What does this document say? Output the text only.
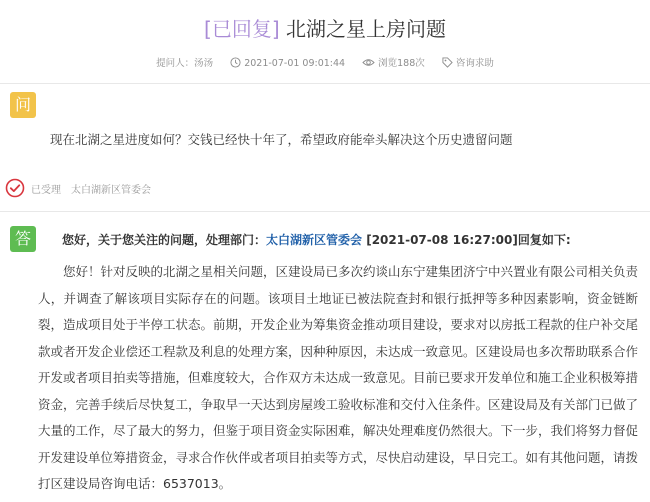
[已回复] 北湖之星上房问题
提问人：汤汤	2021-07-01 09:01:44	浏览188次	咨询求助
问
现在北湖之星进度如何？交钱已经快十年了，希望政府能牵头解决这个历史遗留问题
已受理 太白湖新区管委会
答	您好，关于您关注的问题，处理部门：太白湖新区管委会 [2021-07-08 16:27:00]回复如下:

您好！针对反映的北湖之星相关问题，区建设局已多次约谈山东宁建集团济宁中兴置业有限公司相关负责人，并调查了解该项目实际存在的问题。该项目土地证已被法院查封和银行抵押等多种因素影响，资金链断裂，造成项目处于半停工状态。前期，开发企业为筹集资金推动项目建设，要求对以房抵工程款的住户补交尾款或者开发企业偿还工程款及利息的处理方案，因种种原因，未达成一致意见。区建设局也多次帮助联系合作开发或者项目拍卖等措施，但难度较大，合作双方未达成一致意见。目前已要求开发单位和施工企业积极筹措资金，完善手续后尽快复工，争取早一天达到房屋竣工验收标准和交付入住条件。区建设局及有关部门已做了大量的工作，尽了最大的努力，但鉴于项目资金实际困难，解决处理难度仍然很大。下一步，我们将努力督促开发建设单位筹措资金，寻求合作伙伴或者项目拍卖等方式，尽快启动建设，早日完工。如有其他问题，请拨打区建设局咨询电话：6537013。
